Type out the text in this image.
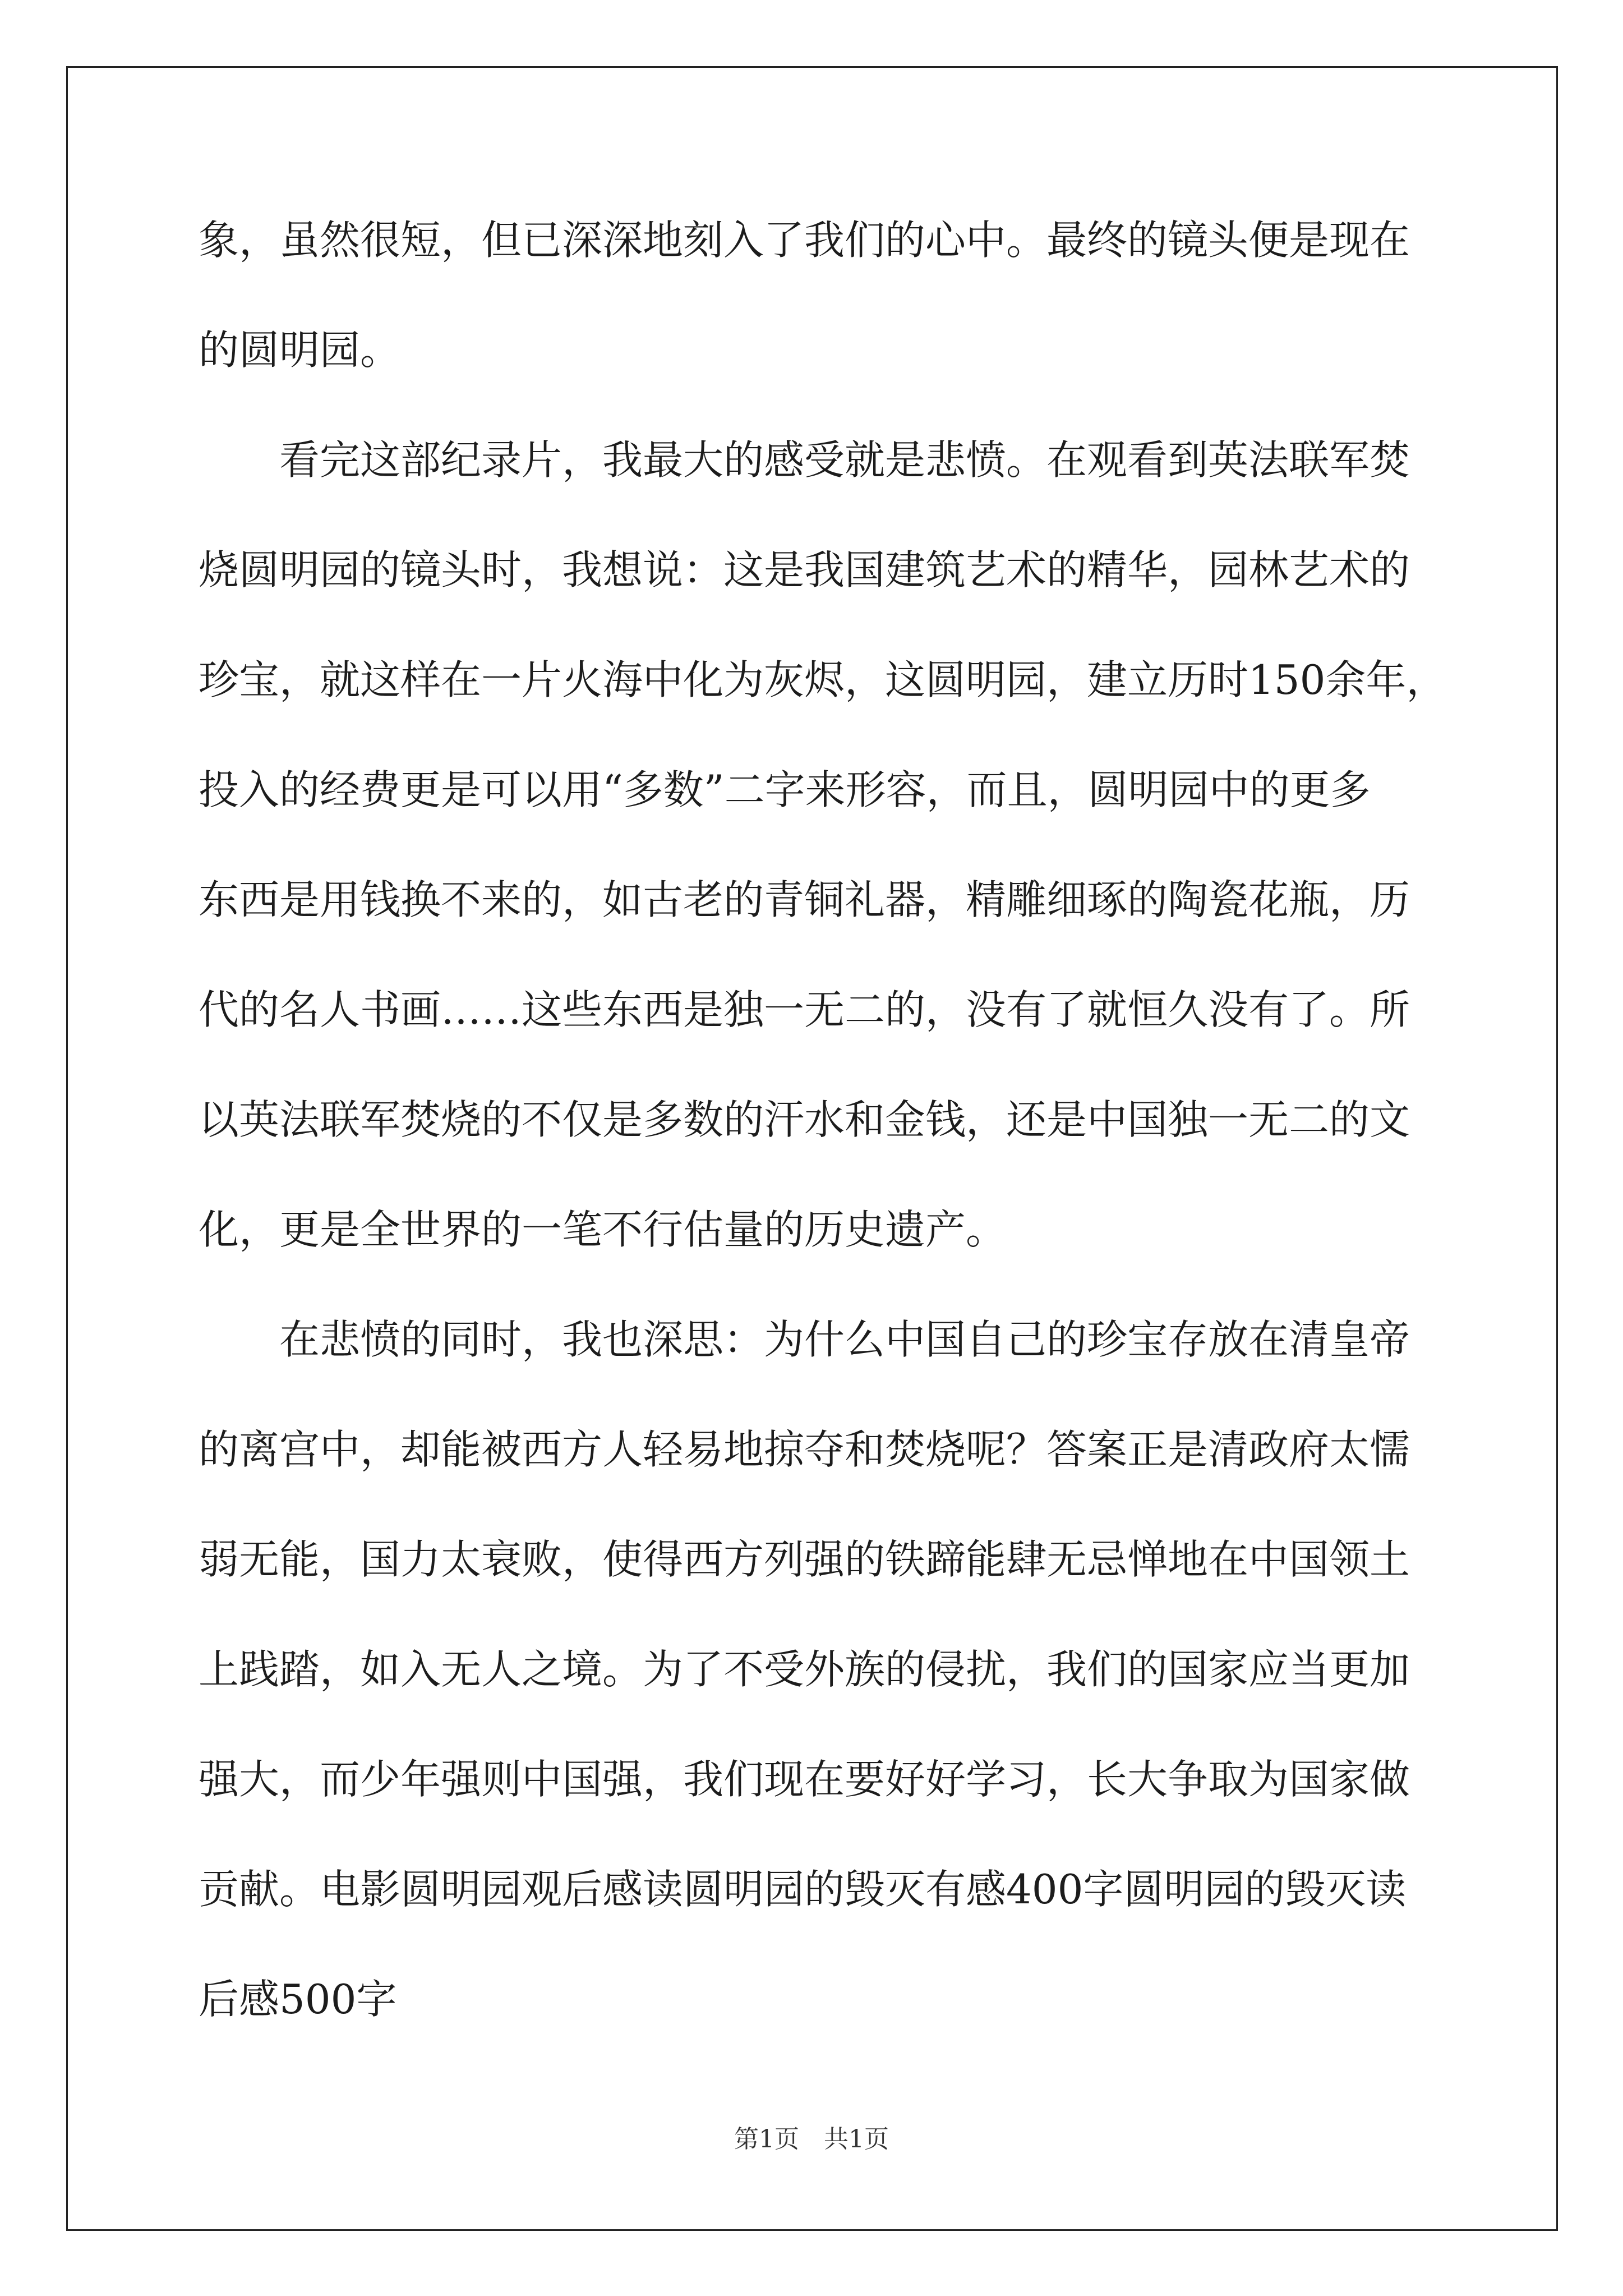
象，虽然很短，但已深深地刻入了我们的心中。最终的镜头便是现在
的圆明园。
看完这部纪录片，我最大的感受就是悲愤。在观看到英法联军焚
烧圆明园的镜头时，我想说：这是我国建筑艺术的精华，园林艺术的
珍宝，就这样在一片火海中化为灰烬，这圆明园，建立历时150余年，
投入的经费更是可以用“多数”二字来形容，而且，圆明园中的更多
东西是用钱换不来的，如古老的青铜礼器，精雕细琢的陶瓷花瓶，历
代的名人书画……这些东西是独一无二的，没有了就恒久没有了。所
以英法联军焚烧的不仅是多数的汗水和金钱，还是中国独一无二的文
化，更是全世界的一笔不行估量的历史遗产。
在悲愤的同时，我也深思：为什么中国自己的珍宝存放在清皇帝
的离宫中，却能被西方人轻易地掠夺和焚烧呢？答案正是清政府太懦
弱无能，国力太衰败，使得西方列强的铁蹄能肆无忌惮地在中国领土
上践踏，如入无人之境。为了不受外族的侵扰，我们的国家应当更加
强大，而少年强则中国强，我们现在要好好学习，长大争取为国家做
贡献。电影圆明园观后感读圆明园的毁灭有感400字圆明园的毁灭读
后感500字
第1页　共1页
